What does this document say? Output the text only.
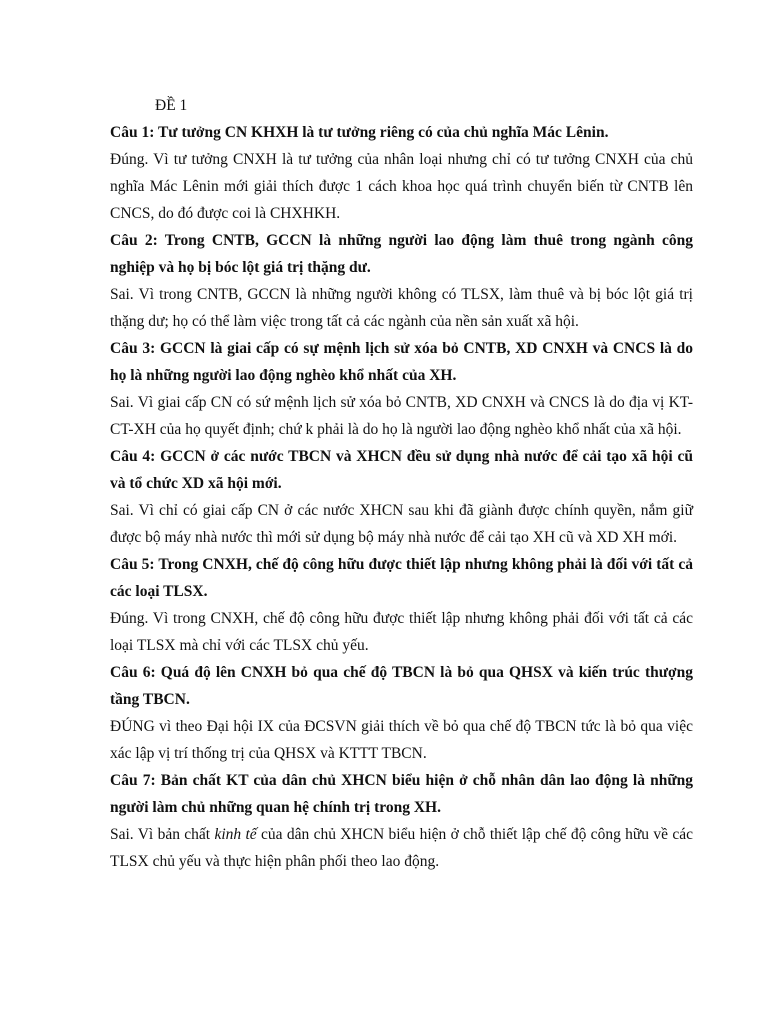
ĐỀ 1

Câu 1: Tư tưởng CN KHXH là tư tưởng riêng có của chủ nghĩa Mác Lênin.

Đúng. Vì tư tưởng CNXH là tư tưởng của nhân loại nhưng chỉ có tư tưởng CNXH của chủ nghĩa Mác Lênin mới giải thích được 1 cách khoa học quá trình chuyển biến từ CNTB lên CNCS, do đó được coi là CHXHKH.

Câu 2: Trong CNTB, GCCN là những người lao động làm thuê trong ngành công nghiệp và họ bị bóc lột giá trị thặng dư.

Sai. Vì trong CNTB, GCCN là những người không có TLSX, làm thuê và bị bóc lột giá trị thặng dư; họ có thể làm việc trong tất cả các ngành của nền sản xuất xã hội.

Câu 3: GCCN là giai cấp có sự mệnh lịch sử xóa bỏ CNTB, XD CNXH và CNCS là do họ là những người lao động nghèo khổ nhất của XH.

Sai. Vì giai cấp CN có sứ mệnh lịch sử xóa bỏ CNTB, XD CNXH và CNCS là do địa vị KT-CT-XH của họ quyết định; chứ k phải là do họ là người lao động nghèo khổ nhất của xã hội.

Câu 4: GCCN ở các nước TBCN và XHCN đều sử dụng nhà nước để cải tạo xã hội cũ và tổ chức XD xã hội mới.

Sai. Vì chỉ có giai cấp CN ở các nước XHCN sau khi đã giành được chính quyền, nắm giữ được bộ máy nhà nước thì mới sử dụng bộ máy nhà nước để cải tạo XH cũ và XD XH mới.

Câu 5: Trong CNXH, chế độ công hữu được thiết lập nhưng không phải là đối với tất cả các loại TLSX.

Đúng. Vì trong CNXH, chế độ công hữu được thiết lập nhưng không phải đối với tất cả các loại TLSX mà chỉ với các TLSX chủ yếu.

Câu 6: Quá độ lên CNXH bỏ qua chế độ TBCN là bỏ qua QHSX và kiến trúc thượng tầng TBCN.

ĐÚNG vì theo Đại hội IX của ĐCSVN giải thích về bỏ qua chế độ TBCN tức là bỏ qua việc xác lập vị trí thống trị của QHSX và KTTT TBCN.

Câu 7: Bản chất KT của dân chủ XHCN biểu hiện ở chỗ nhân dân lao động là những người làm chủ những quan hệ chính trị trong XH.

Sai. Vì bản chất kinh tế của dân chủ XHCN biểu hiện ở chỗ thiết lập chế độ công hữu về các TLSX chủ yếu và thực hiện phân phối theo lao động.
